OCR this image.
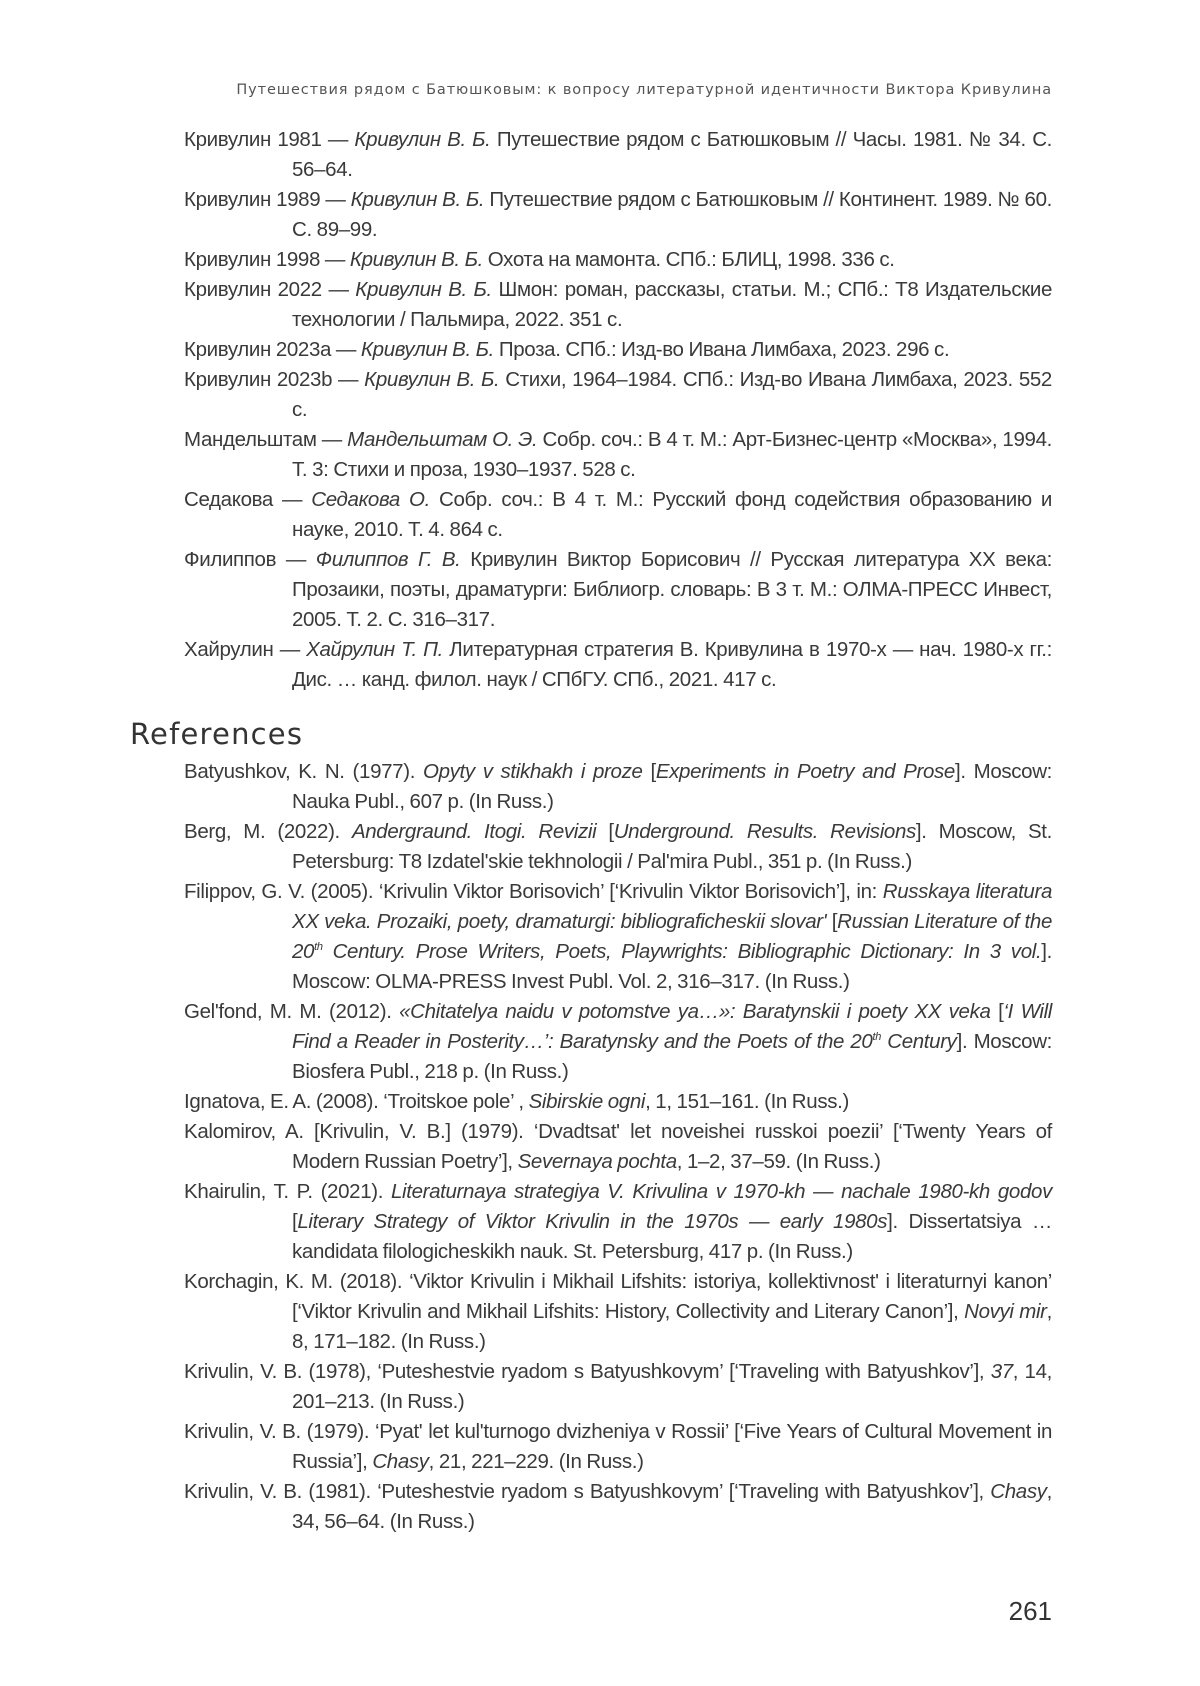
Путешествия рядом с Батюшковым: к вопросу литературной идентичности Виктора Кривулина

Кривулин 1981 — Кривулин В. Б. Путешествие рядом с Батюшковым // Часы. 1981. № 34. С. 56–64.

Кривулин 1989 — Кривулин В. Б. Путешествие рядом с Батюшковым // Континент. 1989. № 60. С. 89–99.

Кривулин 1998 — Кривулин В. Б. Охота на мамонта. СПб.: БЛИЦ, 1998. 336 с.

Кривулин 2022 — Кривулин В. Б. Шмон: роман, рассказы, статьи. М.; СПб.: Т8 Издательские технологии / Пальмира, 2022. 351 с.

Кривулин 2023a — Кривулин В. Б. Проза. СПб.: Изд-во Ивана Лимбаха, 2023. 296 с.

Кривулин 2023b — Кривулин В. Б. Стихи, 1964–1984. СПб.: Изд-во Ивана Лимбаха, 2023. 552 с.

Мандельштам — Мандельштам О. Э. Собр. соч.: В 4 т. М.: Арт-Бизнес-центр «Москва», 1994. Т. 3: Стихи и проза, 1930–1937. 528 с.

Седакова — Седакова О. Собр. соч.: В 4 т. М.: Русский фонд содействия образованию и науке, 2010. Т. 4. 864 с.

Филиппов — Филиппов Г. В. Кривулин Виктор Борисович // Русская литература XX века: Прозаики, поэты, драматурги: Библиогр. словарь: В 3 т. М.: ОЛМА-ПРЕСС Инвест, 2005. Т. 2. С. 316–317.

Хайрулин — Хайрулин Т. П. Литературная стратегия В. Кривулина в 1970-х — нач. 1980-х гг.: Дис. … канд. филол. наук / СПбГУ. СПб., 2021. 417 с.

References

Batyushkov, K. N. (1977). Opyty v stikhakh i proze [Experiments in Poetry and Prose]. Moscow: Nauka Publ., 607 p. (In Russ.)

Berg, M. (2022). Andergraund. Itogi. Revizii [Underground. Results. Revisions]. Moscow, St. Petersburg: T8 Izdatel'skie tekhnologii / Pal'mira Publ., 351 p. (In Russ.)

Filippov, G. V. (2005). ‘Krivulin Viktor Borisovich’ [‘Krivulin Viktor Borisovich’], in: Russkaya literatura XX veka. Prozaiki, poety, dramaturgi: bibliograficheskii slovar' [Russian Literature of the 20th Century. Prose Writers, Poets, Playwrights: Bibliographic Dictionary: In 3 vol.]. Moscow: OLMA-PRESS Invest Publ. Vol. 2, 316–317. (In Russ.)

Gel'fond, M. M. (2012). «Chitatelya naidu v potomstve ya…»: Baratynskii i poety XX veka [‘I Will Find a Reader in Posterity…’: Baratynsky and the Poets of the 20th Century]. Moscow: Biosfera Publ., 218 p. (In Russ.)

Ignatova, E. A. (2008). ‘Troitskoe pole’ , Sibirskie ogni, 1, 151–161. (In Russ.)

Kalomirov, A. [Krivulin, V. B.] (1979). ‘Dvadtsat' let noveishei russkoi poezii’ [‘Twenty Years of Modern Russian Poetry’], Severnaya pochta, 1–2, 37–59. (In Russ.)

Khairulin, T. P. (2021). Literaturnaya strategiya V. Krivulina v 1970-kh — nachale 1980-kh godov [Literary Strategy of Viktor Krivulin in the 1970s — early 1980s]. Dissertatsiya … kandidata filologicheskikh nauk. St. Petersburg, 417 p. (In Russ.)

Korchagin, K. M. (2018). ‘Viktor Krivulin i Mikhail Lifshits: istoriya, kollektivnost' i literaturnyi kanon’ [‘Viktor Krivulin and Mikhail Lifshits: History, Collectivity and Literary Canon’], Novyi mir, 8, 171–182. (In Russ.)

Krivulin, V. B. (1978), ‘Puteshestvie ryadom s Batyushkovym’ [‘Traveling with Batyushkov’], 37, 14, 201–213. (In Russ.)

Krivulin, V. B. (1979). ‘Pyat' let kul'turnogo dvizheniya v Rossii’ [‘Five Years of Cultural Movement in Russia’], Chasy, 21, 221–229. (In Russ.)

Krivulin, V. B. (1981). ‘Puteshestvie ryadom s Batyushkovym’ [‘Traveling with Batyushkov’], Chasy, 34, 56–64. (In Russ.)

261
